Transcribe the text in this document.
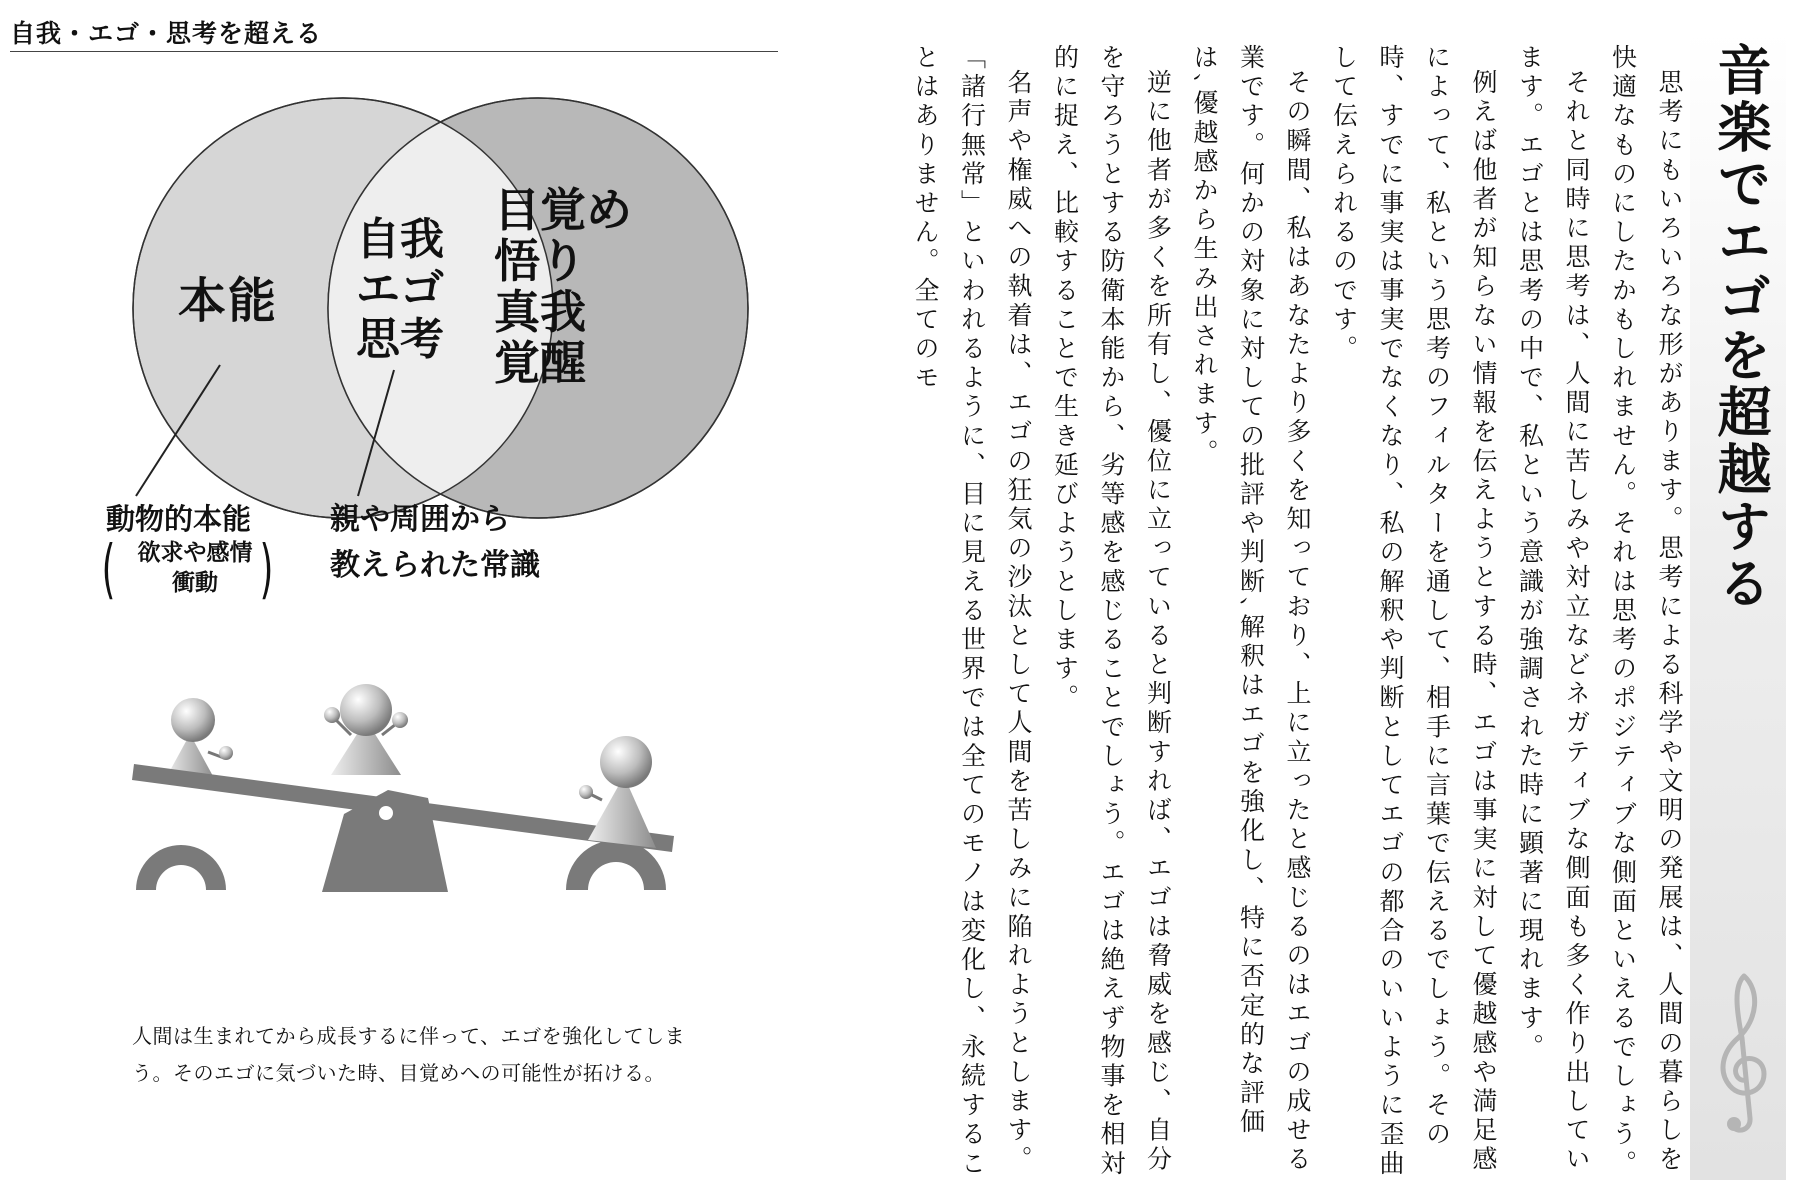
自我・エゴ・思考を超える
本能
自我
エゴ
思考
目覚め
悟り
真我
覚醒
動物的本能
( 欲求や感情
衝動 )
親や周囲から
教えられた常識
人間は生まれてから成長するに伴って、エゴを強化してしまう。そのエゴに気づいた時、目覚めへの可能性が拓ける。
音楽でエゴを超越する

思考にもいろいろな形があります。思考による科学や文明の発展は、人間の暮らしを快適なものにしたかもしれません。それは思考のポジティブな側面といえるでしょう。

それと同時に思考は、人間に苦しみや対立などネガティブな側面も多く作り出しています。エゴとは思考の中で、私という意識が強調された時に顕著に現れます。

例えば他者が知らない情報を伝えようとする時、エゴは事実に対して優越感や満足感によって、私という思考のフィルターを通して、相手に言葉で伝えるでしょう。その時、すでに事実は事実でなくなり、私の解釈や判断としてエゴの都合のいいように歪曲して伝えられるのです。

その瞬間、私はあなたより多くを知っており、上に立ったと感じるのはエゴの成せる業です。何かの対象に対しての批評や判断､解釈はエゴを強化し、特に否定的な評価は､優越感から生み出されます。

逆に他者が多くを所有し、優位に立っていると判断すれば、エゴは脅威を感じ、自分を守ろうとする防衛本能から、劣等感を感じることでしょう。エゴは絶えず物事を相対的に捉え、比較することで生き延びようとします。

名声や権威への執着は、エゴの狂気の沙汰として人間を苦しみに陥れようとします。「諸行無常」といわれるように、目に見える世界では全てのモノは変化し、永続することはありません。全てのモ
